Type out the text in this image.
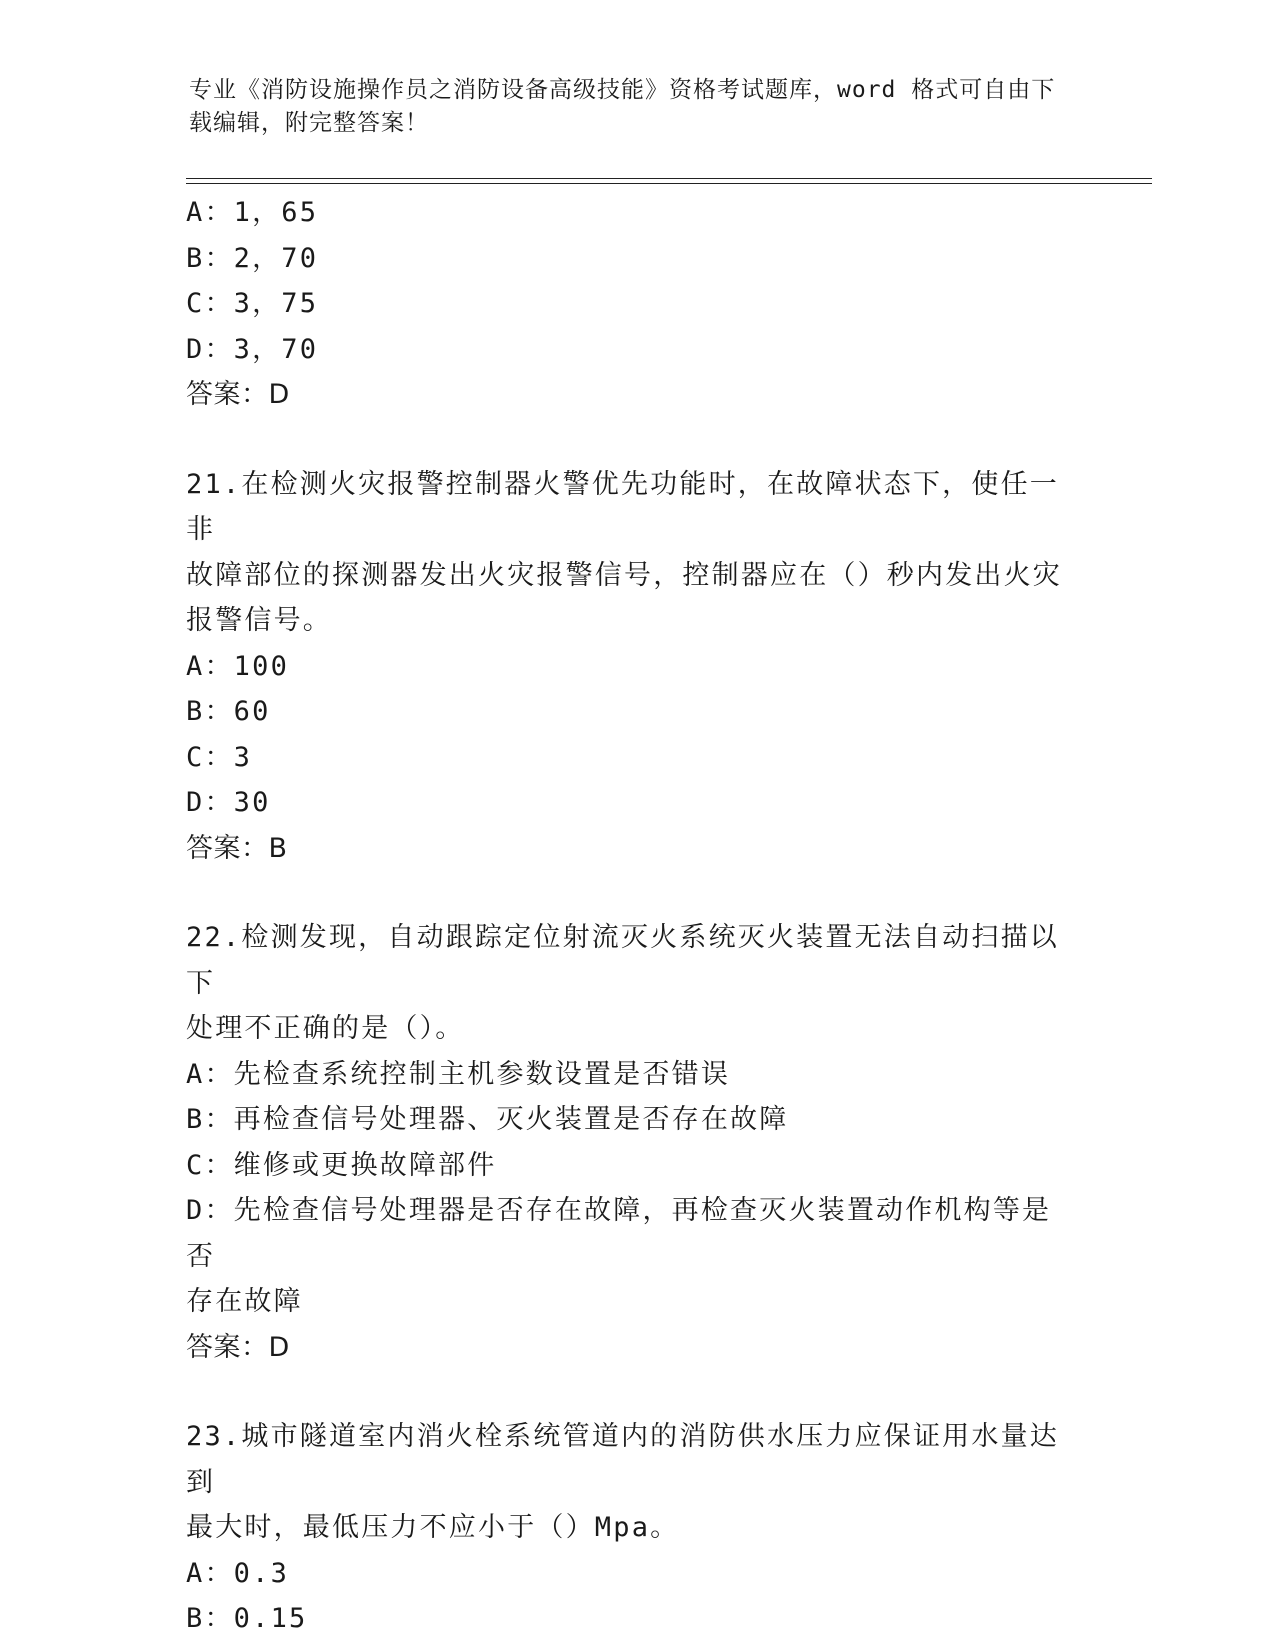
专业《消防设施操作员之消防设备高级技能》资格考试题库，word 格式可自由下
载编辑，附完整答案！
A：1，65
B：2，70
C：3，75
D：3，70
答案：D
21.在检测火灾报警控制器火警优先功能时，在故障状态下，使任一非
故障部位的探测器发出火灾报警信号，控制器应在（）秒内发出火灾
报警信号。
A：100
B：60
C：3
D：30
答案：B
22.检测发现，自动跟踪定位射流灭火系统灭火装置无法自动扫描以下
处理不正确的是（）。
A：先检查系统控制主机参数设置是否错误
B：再检查信号处理器、灭火装置是否存在故障
C：维修或更换故障部件
D：先检查信号处理器是否存在故障，再检查灭火装置动作机构等是否
存在故障
答案：D
23.城市隧道室内消火栓系统管道内的消防供水压力应保证用水量达到
最大时，最低压力不应小于（）Mpa。
A：0.3
B：0.15
